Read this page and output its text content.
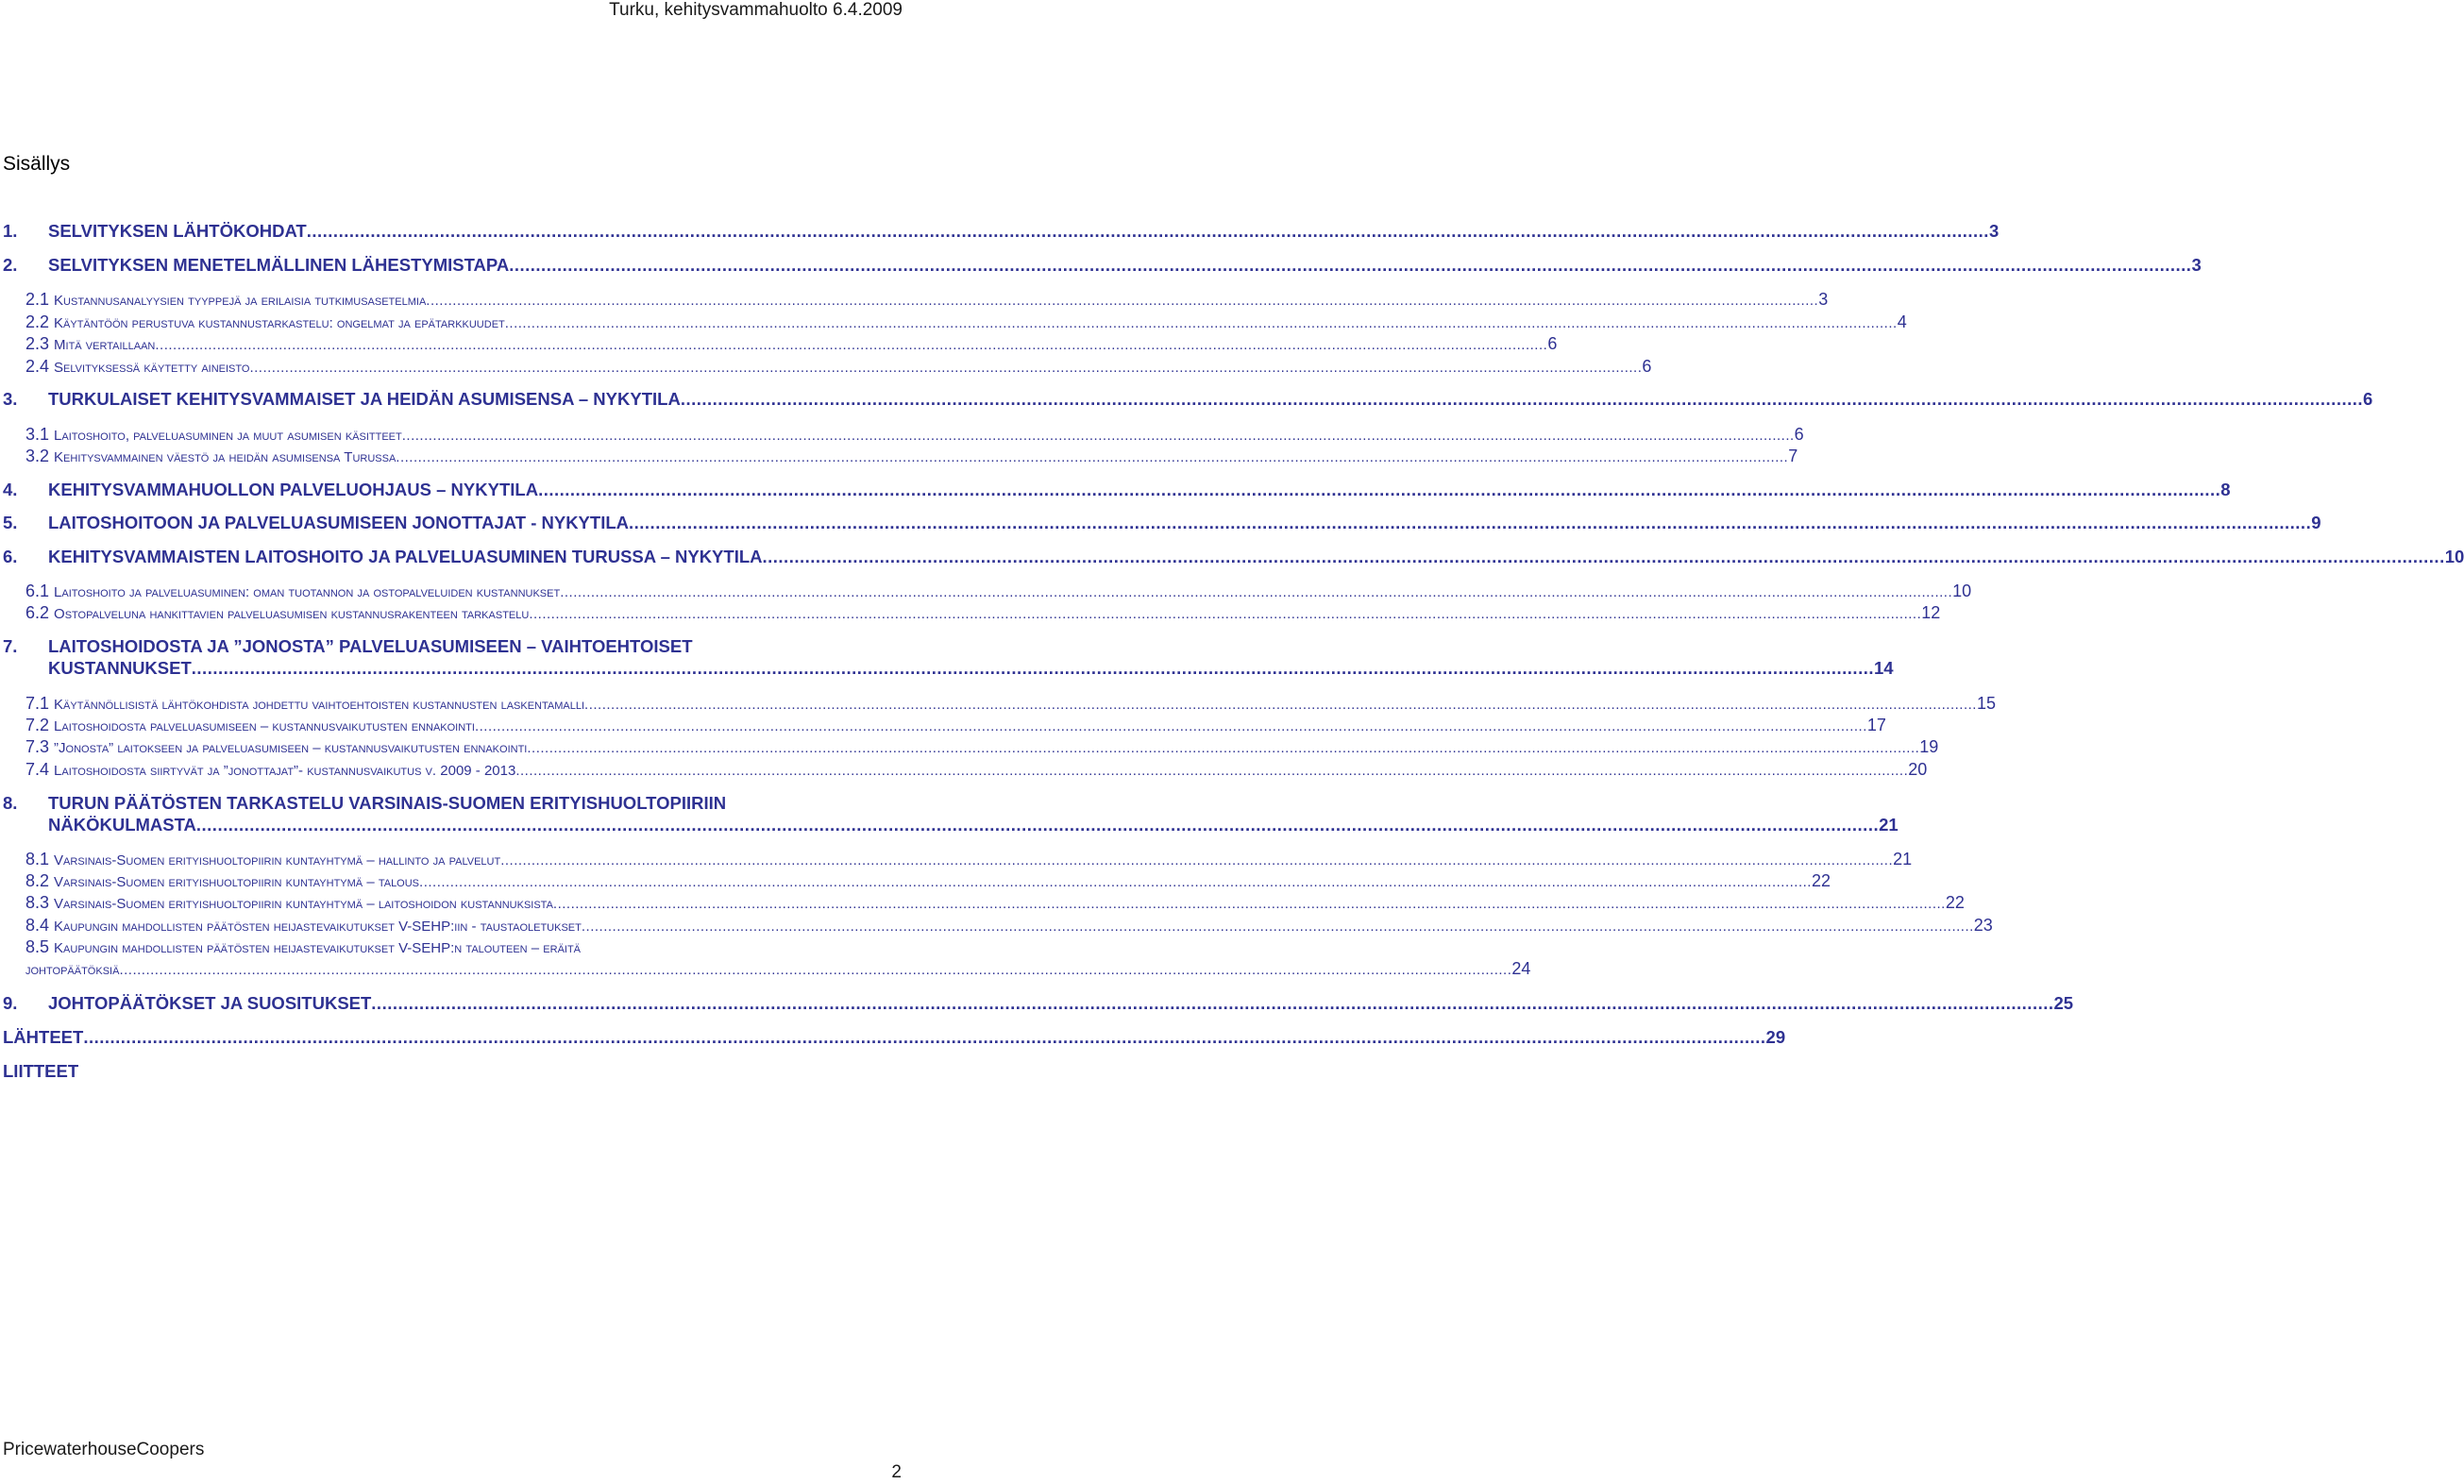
Turku, kehitysvammahuolto 6.4.2009
Sisällys
1.	SELVITYKSEN LÄHTÖKOHDAT .....	3
2.	SELVITYKSEN MENETELMÄLLINEN LÄHESTYMISTAPA .....	3
2.1 Kustannusanalyysien tyyppejä ja erilaisia tutkimusasetelmia .....	3
2.2 Käytäntöön perustuva kustannustarkastelu: ongelmat ja epätarkkuudet .....	4
2.3 Mitä vertaillaan .....	6
2.4 Selvityksessä käytetty aineisto .....	6
3.	TURKULAISET KEHITYSVAMMAISET JA HEIDÄN ASUMISENSA – NYKYTILA .....	6
3.1 Laitoshoito, palveluasuminen ja muut asumisen käsitteet .....	6
3.2 Kehitysvammainen väestö ja heidän asumisensa Turussa .....	7
4.	KEHITYSVAMMAHUOLLON PALVELUOHJAUS – NYKYTILA .....	8
5.	LAITOSHOITOON JA PALVELUASUMISEEN JONOTTAJAT - NYKYTILA .....	9
6.	KEHITYSVAMMAISTEN LAITOSHOITO JA PALVELUASUMINEN TURUSSA – NYKYTILA .....	10
6.1 Laitoshoito ja palveluasuminen: oman tuotannon ja ostopalveluiden kustannukset .....	10
6.2 Ostopalveluna hankittavien palveluasumisen kustannusrakenteen tarkastelu .....	12
7.	LAITOSHOIDOSTA JA ”JONOSTA” PALVELUASUMISEEN – VAIHTOEHTOISET
KUSTANNUKSET .....	14
7.1 Käytännöllisistä lähtökohdista johdettu vaihtoehtoisten kustannusten laskentamalli .....	15
7.2 Laitoshoidosta palveluasumiseen – kustannusvaikutusten ennakointi .....	17
7.3 ”Jonosta” laitokseen ja palveluasumiseen – kustannusvaikutusten ennakointi .....	19
7.4 Laitoshoidosta siirtyvät ja ”jonottajat”- kustannusvaikutus v. 2009 - 2013 .....	20
8.	TURUN PÄÄTÖSTEN TARKASTELU VARSINAIS-SUOMEN ERITYISHUOLTOPIIRIIN
NÄKÖKULMASTA .....	21
8.1 Varsinais-Suomen erityishuoltopiirin kuntayhtymä – hallinto ja palvelut .....	21
8.2 Varsinais-Suomen erityishuoltopiirin kuntayhtymä – talous .....	22
8.3 Varsinais-Suomen erityishuoltopiirin kuntayhtymä – laitoshoidon kustannuksista .....	22
8.4 Kaupungin mahdollisten päätösten heijastevaikutukset V-SEHP:iin - taustaoletukset .....	23
8.5 Kaupungin mahdollisten päätösten heijastevaikutukset V-SEHP:n talouteen – eräitä
johtopäätöksiä .....	24
9.	JOHTOPÄÄTÖKSET JA SUOSITUKSET .....	25
LÄHTEET .....	29
LIITTEET
PricewaterhouseCoopers
2
